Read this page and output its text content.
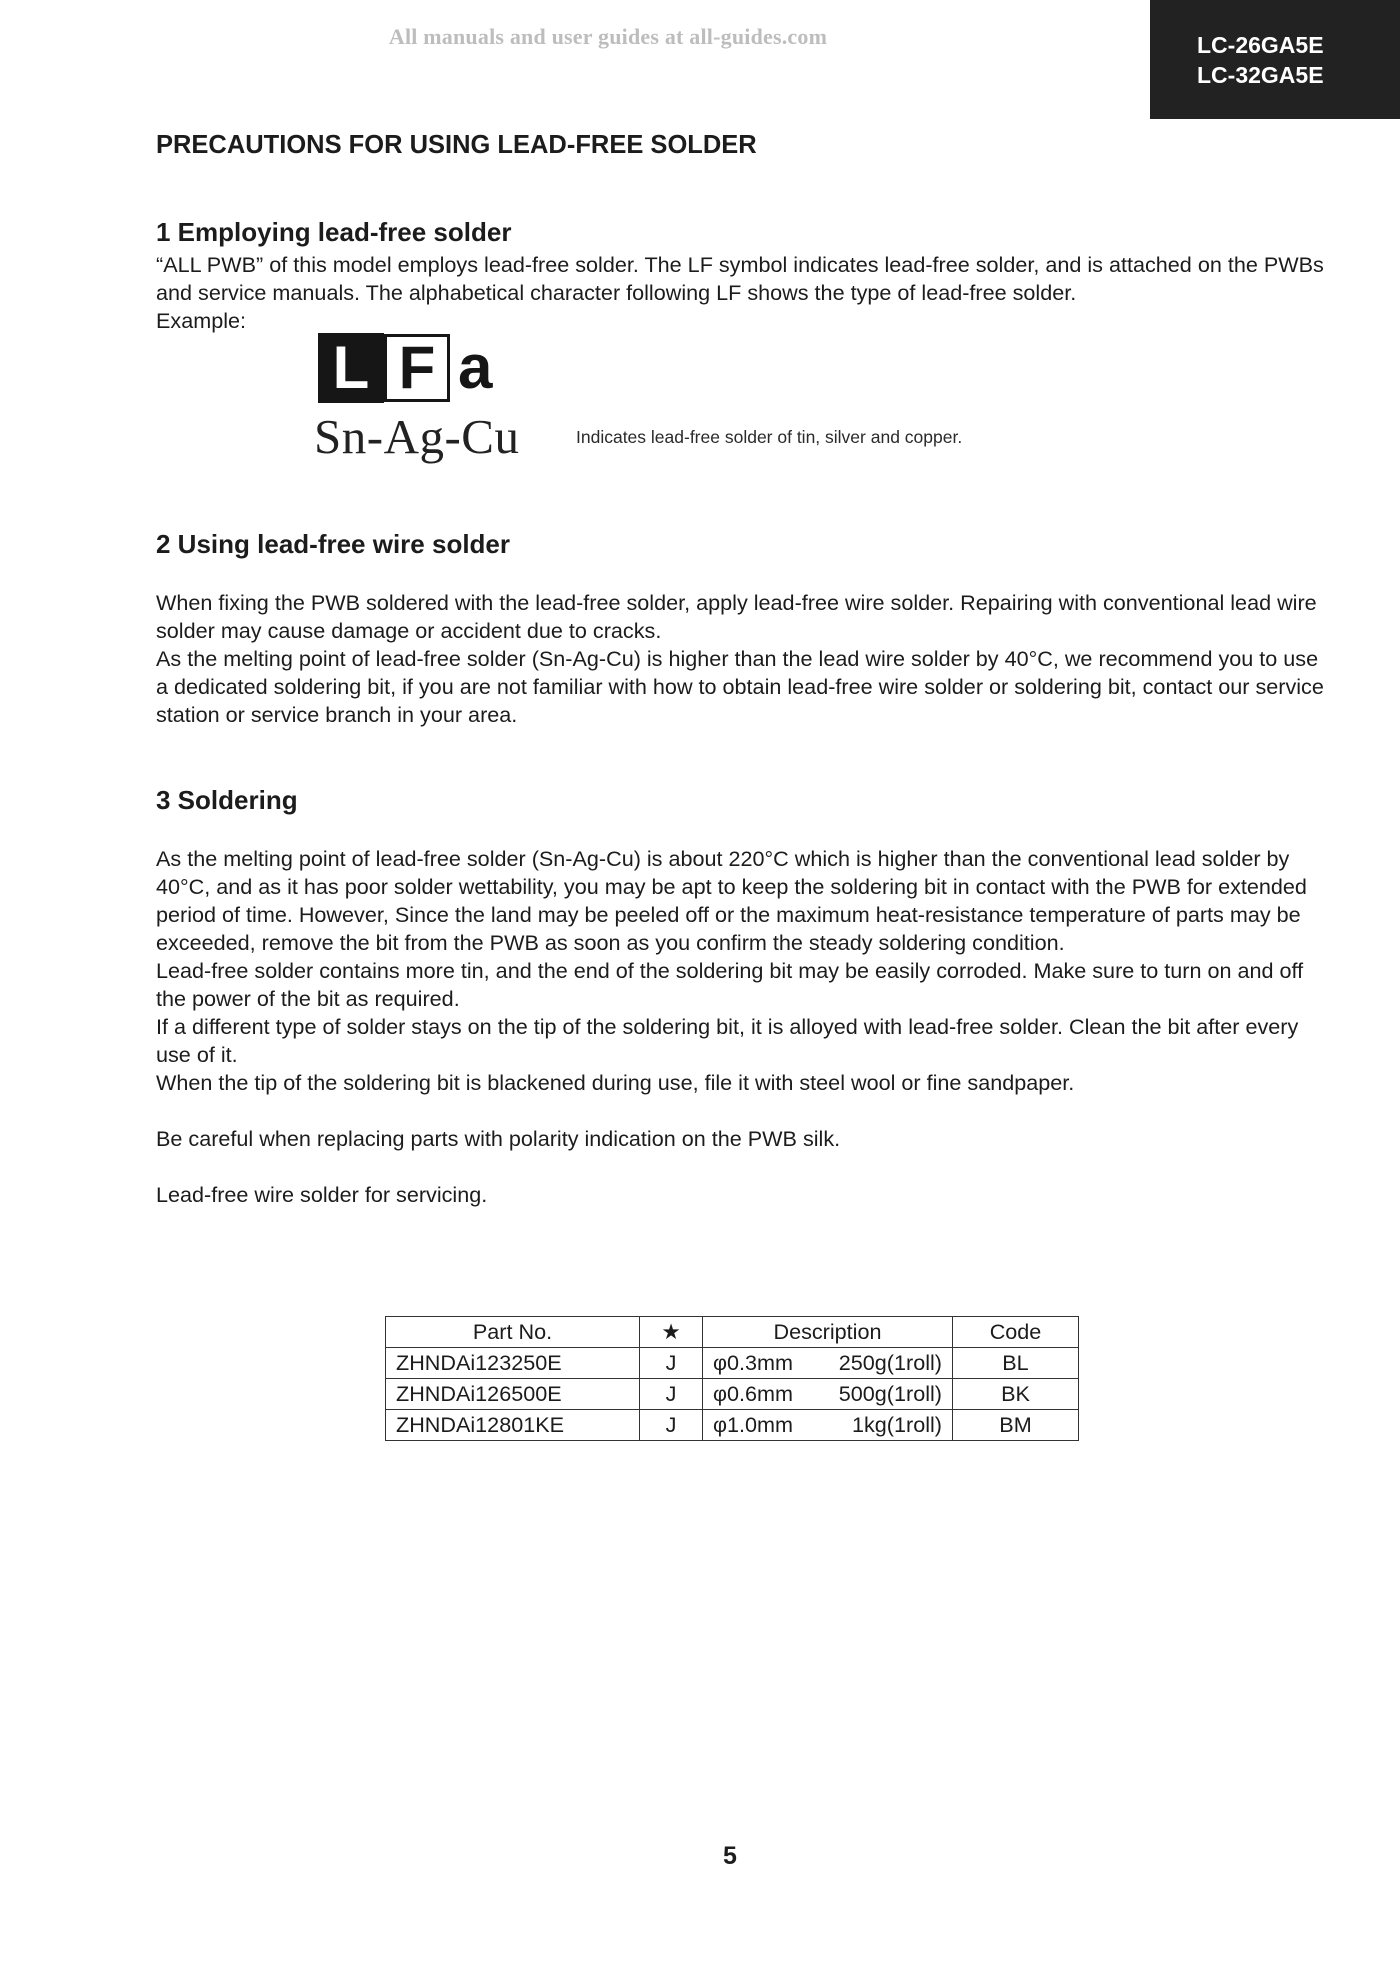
All manuals and user guides at all-guides.com	LC-26GA5E
LC-32GA5E
PRECAUTIONS FOR USING LEAD-FREE SOLDER
1 Employing lead-free solder

“ALL PWB” of this model employs lead-free solder. The LF symbol indicates lead-free solder, and is attached on the PWBs and service manuals. The alphabetical character following LF shows the type of lead-free solder.

Example:

L F a
Sn-Ag-Cu	Indicates lead-free solder of tin, silver and copper.
2 Using lead-free wire solder

When fixing the PWB soldered with the lead-free solder, apply lead-free wire solder. Repairing with conventional lead wire solder may cause damage or accident due to cracks.

As the melting point of lead-free solder (Sn-Ag-Cu) is higher than the lead wire solder by 40°C, we recommend you to use a dedicated soldering bit, if you are not familiar with how to obtain lead-free wire solder or soldering bit, contact our service station or service branch in your area.

3 Soldering

As the melting point of lead-free solder (Sn-Ag-Cu) is about 220°C which is higher than the conventional lead solder by 40°C, and as it has poor solder wettability, you may be apt to keep the soldering bit in contact with the PWB for extended period of time. However, Since the land may be peeled off or the maximum heat-resistance temperature of parts may be exceeded, remove the bit from the PWB as soon as you confirm the steady soldering condition.

Lead-free solder contains more tin, and the end of the soldering bit may be easily corroded. Make sure to turn on and off the power of the bit as required.

If a different type of solder stays on the tip of the soldering bit, it is alloyed with lead-free solder. Clean the bit after every use of it.

When the tip of the soldering bit is blackened during use, file it with steel wool or fine sandpaper.

Be careful when replacing parts with polarity indication on the PWB silk.

Lead-free wire solder for servicing.

Part No.	★	Description	Code
ZHNDAi123250E	J	φ0.3mm 250g(1roll)	BL
ZHNDAi126500E	J	φ0.6mm 500g(1roll)	BK
ZHNDAi12801KE	J	φ1.0mm 1kg(1roll)	BM
5
